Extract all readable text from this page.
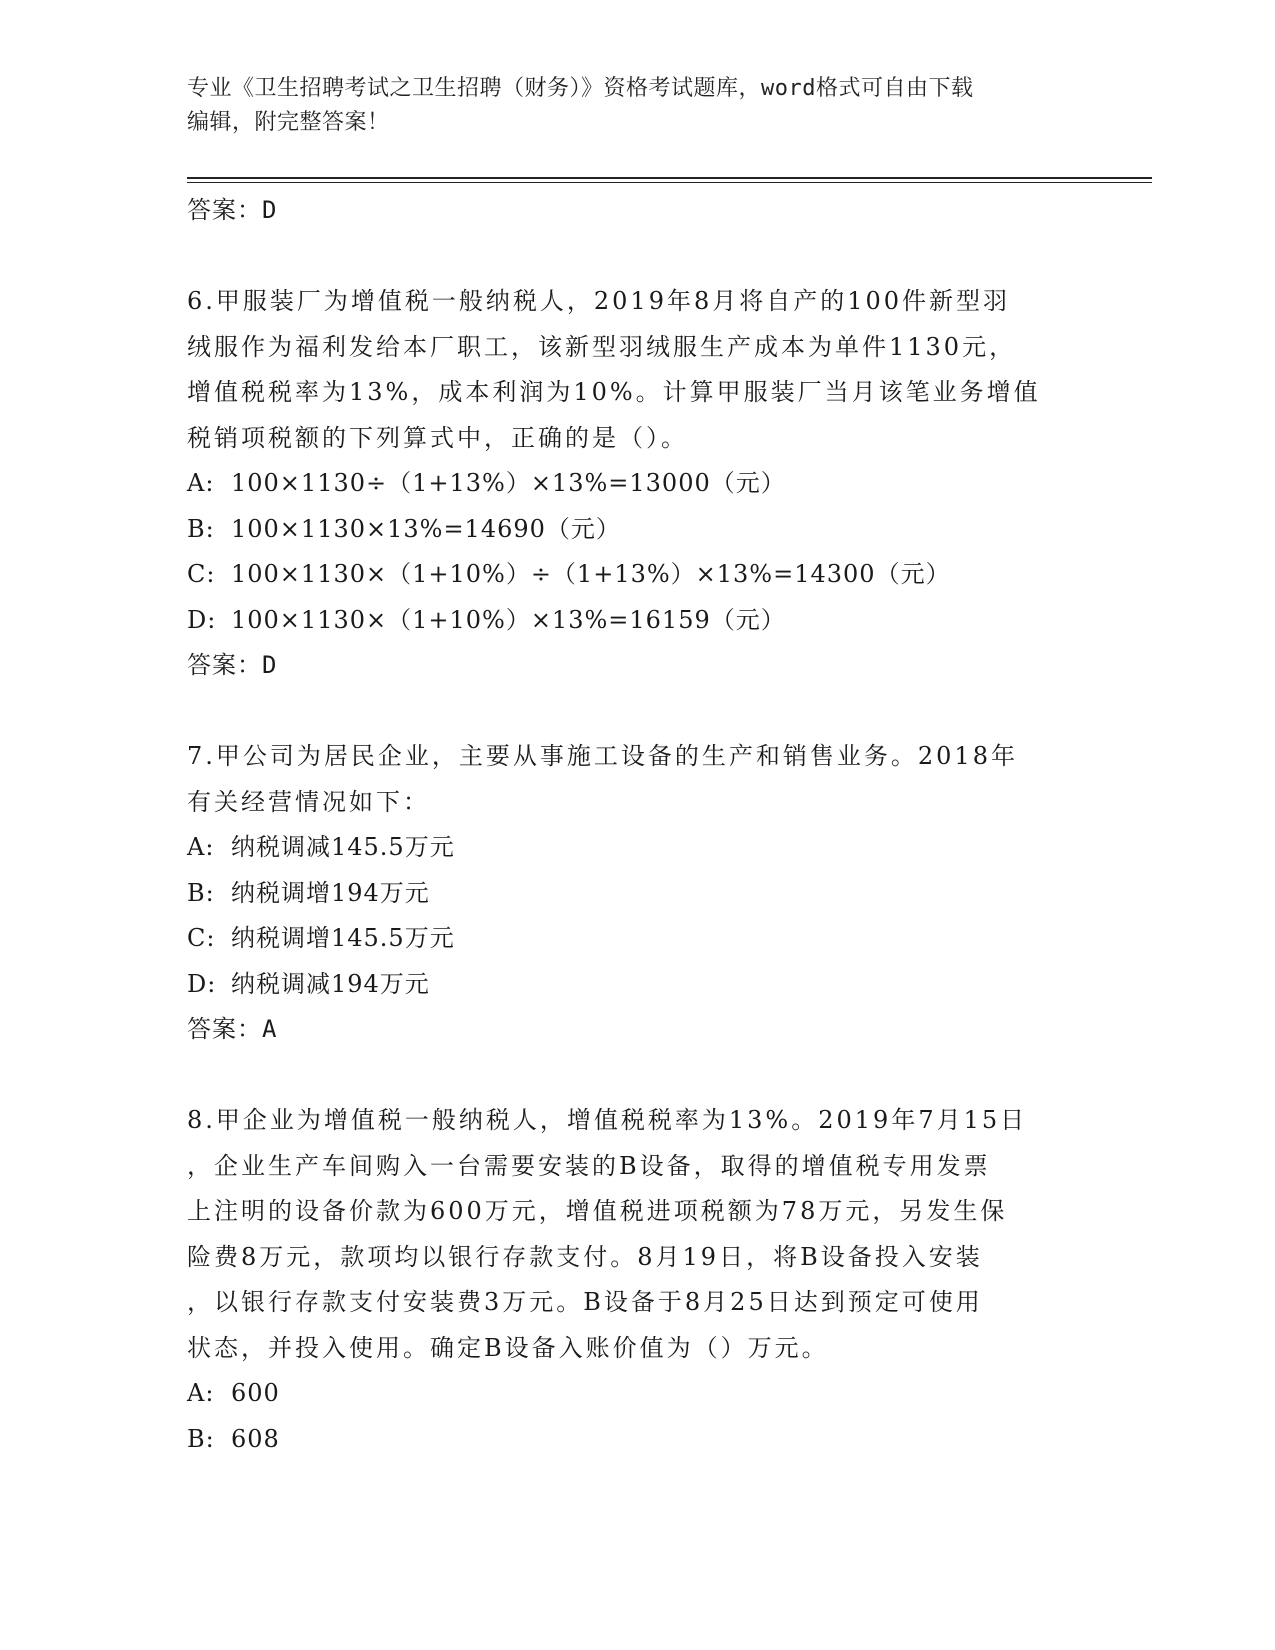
专业《卫生招聘考试之卫生招聘（财务）》资格考试题库，word格式可自由下载
编辑，附完整答案！
答案：D
6.甲服装厂为增值税一般纳税人，2019年8月将自产的100件新型羽
绒服作为福利发给本厂职工，该新型羽绒服生产成本为单件1130元，
增值税税率为13%，成本利润为10%。计算甲服装厂当月该笔业务增值
税销项税额的下列算式中，正确的是（）。
A: 100×1130÷（1+13%）×13%=13000（元）
B: 100×1130×13%=14690（元）
C: 100×1130×（1+10%）÷（1+13%）×13%=14300（元）
D: 100×1130×（1+10%）×13%=16159（元）
答案：D
7.甲公司为居民企业，主要从事施工设备的生产和销售业务。2018年
有关经营情况如下：
A: 纳税调减145.5万元
B: 纳税调增194万元
C: 纳税调增145.5万元
D: 纳税调减194万元
答案：A
8.甲企业为增值税一般纳税人，增值税税率为13%。2019年7月15日
，企业生产车间购入一台需要安装的B设备，取得的增值税专用发票
上注明的设备价款为600万元，增值税进项税额为78万元，另发生保
险费8万元，款项均以银行存款支付。8月19日，将B设备投入安装
，以银行存款支付安装费3万元。B设备于8月25日达到预定可使用
状态，并投入使用。确定B设备入账价值为（）万元。
A: 600
B: 608
